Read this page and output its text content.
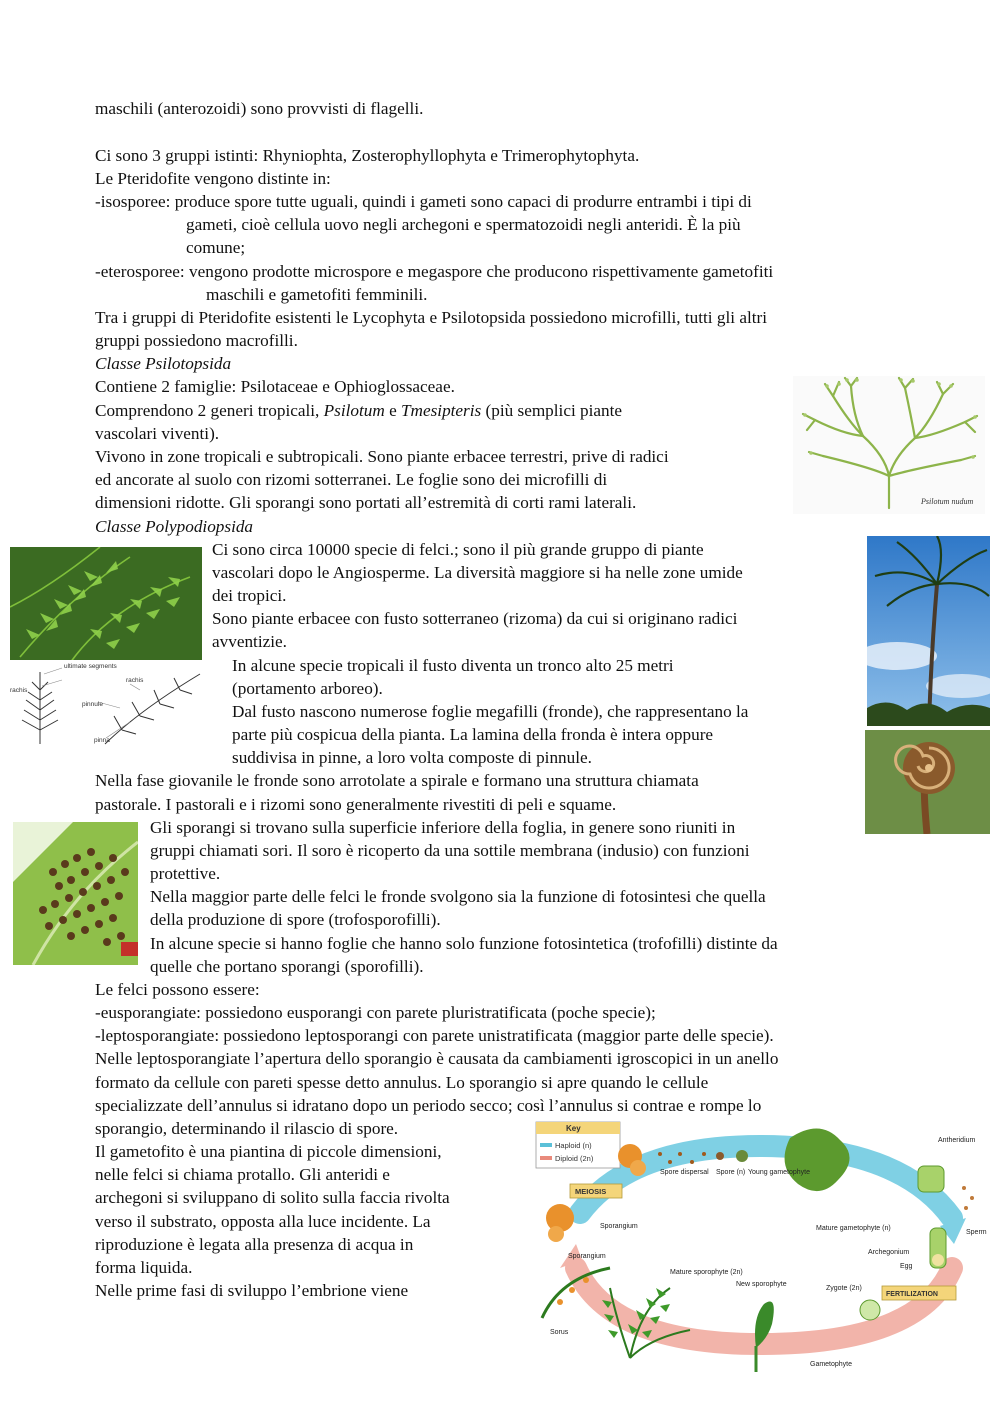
maschili (anterozoidi) sono provvisti di flagelli.
Ci sono 3 gruppi istinti: Rhyniophta, Zosterophyllophyta e Trimerophytophyta.
Le Pteridofite vengono distinte in:
-isosporee: produce spore tutte uguali, quindi i gameti sono capaci di produrre entrambi i tipi di
gameti, cioè cellula uovo negli archegoni e spermatozoidi negli anteridi. È la più
comune;
-eterosporee: vengono prodotte microspore e megaspore che producono rispettivamente gametofiti
maschili e gametofiti femminili.
Tra i gruppi di Pteridofite esistenti le Lycophyta e Psilotopsida possiedono microfilli, tutti gli altri
gruppi possiedono macrofilli.
Classe Psilotopsida
Contiene 2 famiglie: Psilotaceae e Ophioglossaceae.
Comprendono 2 generi tropicali, Psilotum e Tmesipteris (più semplici piante
vascolari viventi).
Vivono in zone tropicali e subtropicali. Sono piante erbacee terrestri, prive di radici
ed ancorate al suolo con rizomi sotterranei. Le foglie sono dei microfilli di
dimensioni ridotte. Gli sporangi sono portati all’estremità di corti rami laterali.
Classe Polypodiopsida
Ci sono circa 10000 specie di felci.; sono il più grande gruppo di piante
vascolari dopo le Angiosperme. La diversità maggiore si ha nelle zone umide
dei tropici.
Sono piante erbacee con fusto sotterraneo (rizoma) da cui si originano radici
avventizie.
In alcune specie tropicali il fusto diventa un tronco alto 25 metri
(portamento arboreo).
Dal fusto nascono numerose foglie megafilli (fronde), che rappresentano la
parte più cospicua della pianta. La lamina della fronda è intera oppure
suddivisa in pinne, a loro volta composte di pinnule.
Nella fase giovanile le fronde sono arrotolate a spirale e formano una struttura chiamata
pastorale. I pastorali e i rizomi sono generalmente rivestiti di peli e squame.
Gli sporangi si trovano sulla superficie inferiore della foglia, in genere sono riuniti in
gruppi chiamati sori. Il soro è ricoperto da una sottile membrana (indusio) con funzioni
protettive.
Nella maggior parte delle felci le fronde svolgono sia la funzione di fotosintesi che quella
della produzione di spore (trofosporofilli).
In alcune specie si hanno foglie che hanno solo funzione fotosintetica (trofofilli) distinte da
quelle che portano sporangi (sporofilli).
Le felci possono essere:
-eusporangiate: possiedono eusporangi con parete pluristratificata (poche specie);
-leptosporangiate: possiedono leptosporangi con parete unistratificata (maggior parte delle specie).
Nelle leptosporangiate l’apertura dello sporangio è causata da cambiamenti igroscopici in un anello
formato da cellule con pareti spesse detto annulus. Lo sporangio si apre quando le cellule
specializzate dell’annulus si idratano dopo un periodo secco; così l’annulus si contrae e rompe lo
sporangio, determinando il rilascio di spore.
Il gametofito è una piantina di piccole dimensioni,
nelle felci si chiama protallo. Gli anteridi e
archegoni si sviluppano di solito sulla faccia rivolta
verso il substrato, opposta alla luce incidente. La
riproduzione è legata alla presenza di acqua in
forma liquida.
Nelle prime fasi di sviluppo l’embrione viene
Psilotum nudum
ultimate segments
rachis
rachis
pinnule
pinna
Key
Haploid (n)
Diploid (2n)
MEIOSIS
FERTILIZATION
Spore dispersal Spore (n) Young gametophyte
Antheridium
Sperm
Mature gametophyte (n)
Archegonium
Egg
Zygote (2n)
New sporophyte
Gametophyte
Mature sporophyte (2n)
Sporangium
Sporangium
Sorus
